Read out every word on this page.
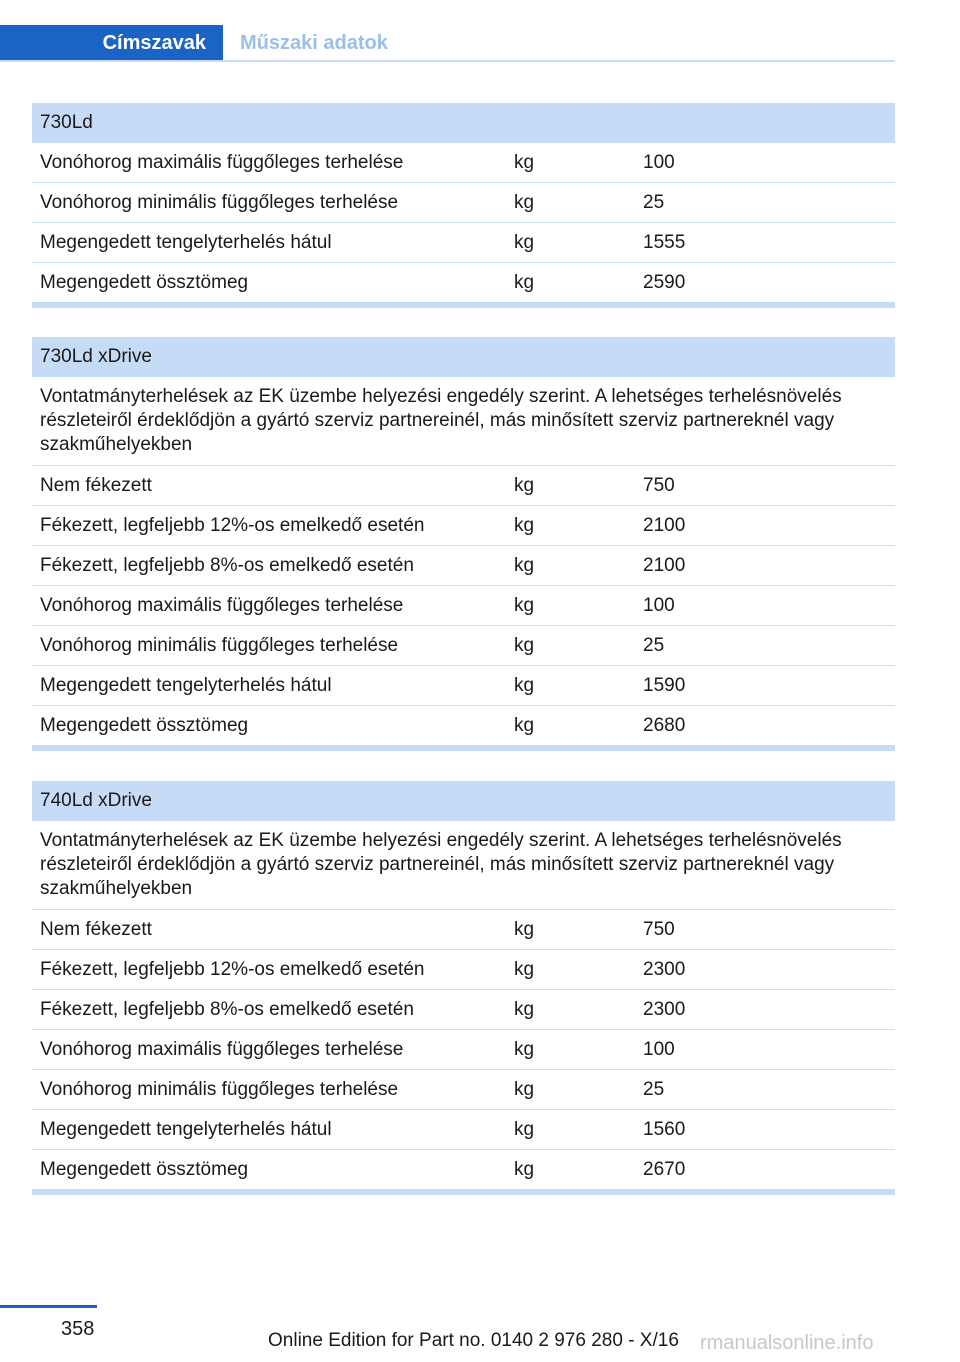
Címszavak	Műszaki adatok
730Ld
Vonóhorog maximális függőleges terhelése	kg	100
Vonóhorog minimális függőleges terhelése	kg	25
Megengedett tengelyterhelés hátul	kg	1555
Megengedett össztömeg	kg	2590
730Ld xDrive
Vontatmányterhelések az EK üzembe helyezési engedély szerint. A lehetséges terhelésnövelés részleteiről érdeklődjön a gyártó szerviz partnereinél, más minősített szerviz partnereknél vagy szakműhelyekben
Nem fékezett	kg	750
Fékezett, legfeljebb 12%-os emelkedő esetén	kg	2100
Fékezett, legfeljebb 8%-os emelkedő esetén	kg	2100
Vonóhorog maximális függőleges terhelése	kg	100
Vonóhorog minimális függőleges terhelése	kg	25
Megengedett tengelyterhelés hátul	kg	1590
Megengedett össztömeg	kg	2680
740Ld xDrive
Vontatmányterhelések az EK üzembe helyezési engedély szerint. A lehetséges terhelésnövelés részleteiről érdeklődjön a gyártó szerviz partnereinél, más minősített szerviz partnereknél vagy szakműhelyekben
Nem fékezett	kg	750
Fékezett, legfeljebb 12%-os emelkedő esetén	kg	2300
Fékezett, legfeljebb 8%-os emelkedő esetén	kg	2300
Vonóhorog maximális függőleges terhelése	kg	100
Vonóhorog minimális függőleges terhelése	kg	25
Megengedett tengelyterhelés hátul	kg	1560
Megengedett össztömeg	kg	2670
358
Online Edition for Part no. 0140 2 976 280 - X/16 rmanualsonline.info
